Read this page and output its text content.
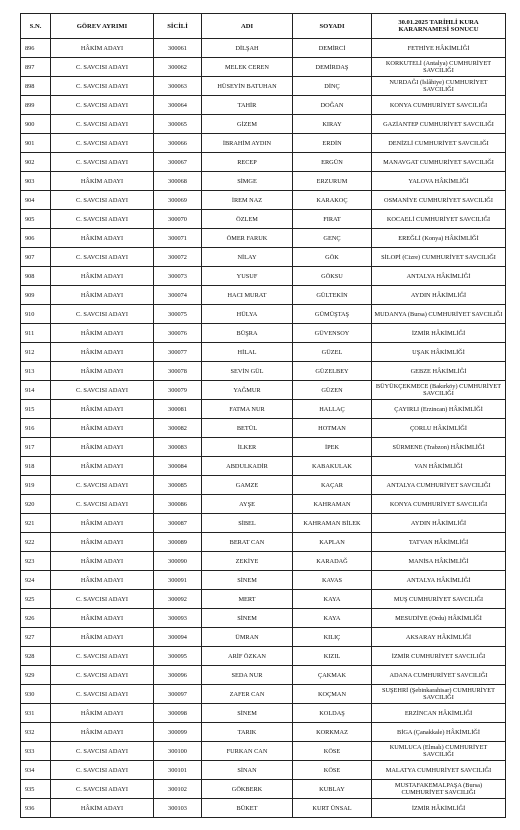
S.N.	GÖREV AYRIMI	SİCİLİ	ADI	SOYADI	30.01.2025 TARİHLİ KURA KARARNAMESİ SONUCU
896	HÂKİM ADAYI	300061	DİLŞAH	DEMİRCİ	FETHİYE HÂKİMLİĞİ
897	C. SAVCISI ADAYI	300062	MELEK CEREN	DEMİRDAŞ	KORKUTELİ (Antalya) CUMHURİYET SAVCILIĞI
898	C. SAVCISI ADAYI	300063	HÜSEYİN BATUHAN	DİNÇ	NURDAĞI (İslâhiye) CUMHURİYET SAVCILIĞI
899	C. SAVCISI ADAYI	300064	TAHİR	DOĞAN	KONYA CUMHURİYET SAVCILIĞI
900	C. SAVCISI ADAYI	300065	GİZEM	KIRAY	GAZİANTEP CUMHURİYET SAVCILIĞI
901	C. SAVCISI ADAYI	300066	İBRAHİM AYDIN	ERDİN	DENİZLİ CUMHURİYET SAVCILIĞI
902	C. SAVCISI ADAYI	300067	RECEP	ERGÜN	MANAVGAT CUMHURİYET SAVCILIĞI
903	HÂKİM ADAYI	300068	SİMGE	ERZURUM	YALOVA HÂKİMLİĞİ
904	C. SAVCISI ADAYI	300069	İREM NAZ	KARAKOÇ	OSMANİYE CUMHURİYET SAVCILIĞI
905	C. SAVCISI ADAYI	300070	ÖZLEM	FIRAT	KOCAELİ CUMHURİYET SAVCILIĞI
906	HÂKİM ADAYI	300071	ÖMER FARUK	GENÇ	EREĞLİ (Konya) HÂKİMLİĞİ
907	C. SAVCISI ADAYI	300072	NİLAY	GÖK	SİLOPİ (Cizre) CUMHURİYET SAVCILIĞI
908	HÂKİM ADAYI	300073	YUSUF	GÖKSU	ANTALYA HÂKİMLİĞİ
909	HÂKİM ADAYI	300074	HACI MURAT	GÜLTEKİN	AYDIN HÂKİMLİĞİ
910	C. SAVCISI ADAYI	300075	HÜLYA	GÜMÜŞTAŞ	MUDANYA (Bursa) CUMHURİYET SAVCILIĞI
911	HÂKİM ADAYI	300076	BÜŞRA	GÜVENSOY	İZMİR HÂKİMLİĞİ
912	HÂKİM ADAYI	300077	HİLAL	GÜZEL	UŞAK HÂKİMLİĞİ
913	HÂKİM ADAYI	300078	SEVİN GÜL	GÜZELBEY	GEBZE HÂKİMLİĞİ
914	C. SAVCISI ADAYI	300079	YAĞMUR	GÜZEN	BÜYÜKÇEKMECE (Bakırköy) CUMHURİYET SAVCILIĞI
915	HÂKİM ADAYI	300081	FATMA NUR	HALLAÇ	ÇAYIRLI (Erzincan) HÂKİMLİĞİ
916	HÂKİM ADAYI	300082	BETÜL	HOTMAN	ÇORLU HÂKİMLİĞİ
917	HÂKİM ADAYI	300083	İLKER	İPEK	SÜRMENE (Trabzon) HÂKİMLİĞİ
918	HÂKİM ADAYI	300084	ABDULKADİR	KABAKULAK	VAN HÂKİMLİĞİ
919	C. SAVCISI ADAYI	300085	GAMZE	KAÇAR	ANTALYA CUMHURİYET SAVCILIĞI
920	C. SAVCISI ADAYI	300086	AYŞE	KAHRAMAN	KONYA CUMHURİYET SAVCILIĞI
921	HÂKİM ADAYI	300087	SİBEL	KAHRAMAN BİLEK	AYDIN HÂKİMLİĞİ
922	HÂKİM ADAYI	300089	BERAT CAN	KAPLAN	TATVAN HÂKİMLİĞİ
923	HÂKİM ADAYI	300090	ZEKİYE	KARADAĞ	MANİSA HÂKİMLİĞİ
924	HÂKİM ADAYI	300091	SİNEM	KAVAS	ANTALYA HÂKİMLİĞİ
925	C. SAVCISI ADAYI	300092	MERT	KAYA	MUŞ CUMHURİYET SAVCILIĞI
926	HÂKİM ADAYI	300093	SİNEM	KAYA	MESUDİYE (Ordu) HÂKİMLİĞİ
927	HÂKİM ADAYI	300094	ÜMRAN	KILIÇ	AKSARAY HÂKİMLİĞİ
928	C. SAVCISI ADAYI	300095	ARİF ÖZKAN	KIZIL	İZMİR CUMHURİYET SAVCILIĞI
929	C. SAVCISI ADAYI	300096	SEDA NUR	ÇAKMAK	ADANA CUMHURİYET SAVCILIĞI
930	C. SAVCISI ADAYI	300097	ZAFER CAN	KOÇMAN	SUŞEHRİ (Şebinkarahisar) CUMHURİYET SAVCILIĞI
931	HÂKİM ADAYI	300098	SİNEM	KOLDAŞ	ERZİNCAN HÂKİMLİĞİ
932	HÂKİM ADAYI	300099	TARIK	KORKMAZ	BİGA (Çanakkale) HÂKİMLİĞİ
933	C. SAVCISI ADAYI	300100	FURKAN CAN	KÖSE	KUMLUCA (Elmalı) CUMHURİYET SAVCILIĞI
934	C. SAVCISI ADAYI	300101	SİNAN	KÖSE	MALATYA CUMHURİYET SAVCILIĞI
935	C. SAVCISI ADAYI	300102	GÖKBERK	KUBLAY	MUSTAFAKEMALPAŞA (Bursa) CUMHURİYET SAVCILIĞI
936	HÂKİM ADAYI	300103	BÜKET	KURT ÜNSAL	İZMİR HÂKİMLİĞİ
